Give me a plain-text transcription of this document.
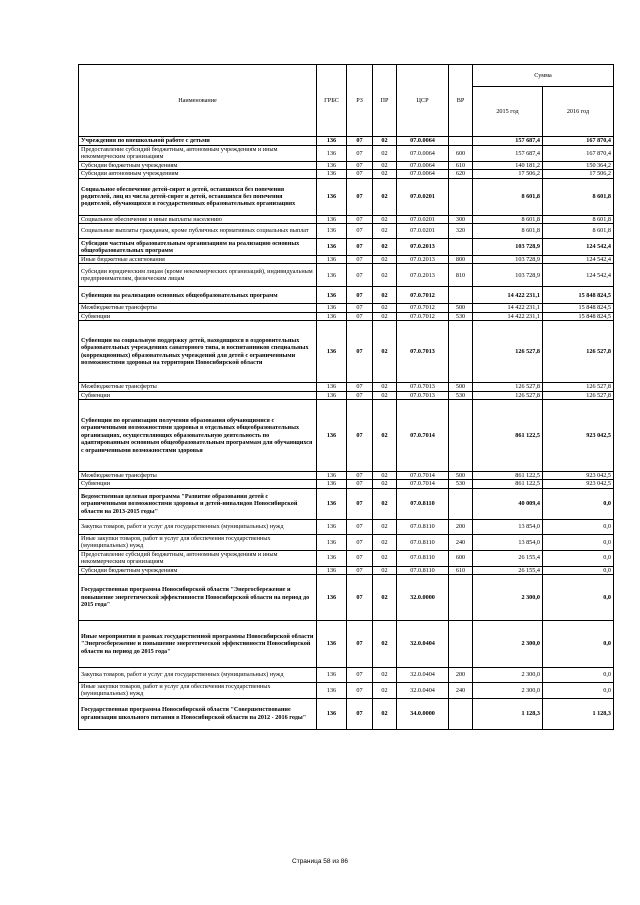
Наименование	ГРБС	РЗ	ПР	ЦСР	ВР	Сумма	
						2015 год	2016 год
Учреждения по внешкольной работе с детьми	136	07	02	07.0.0064		157 687,4	167 870,4
Предоставление субсидий бюджетным, автономным учреждениям и иным некоммерческим организациям	136	07	02	07.0.0064	600	157 687,4	167 870,4
Субсидии бюджетным учреждениям	136	07	02	07.0.0064	610	140 181,2	150 364,2
Субсидии автономным учреждениям	136	07	02	07.0.0064	620	17 506,2	17 506,2
Социальное обеспечение детей-сирот и детей, оставшихся без попечения родителей, лиц из числа детей-сирот и детей, оставшихся без попечения родителей, обучающихся в государственных образовательных организациях	136	07	02	07.0.0201		8 601,8	8 601,8
Социальное обеспечение и иные выплаты населению	136	07	02	07.0.0201	300	8 601,8	8 601,8
Социальные выплаты гражданам, кроме публичных нормативных социальных выплат	136	07	02	07.0.0201	320	8 601,8	8 601,8
Субсидии частным образовательным организациям на реализацию основных общеобразовательных программ	136	07	02	07.0.2013		103 728,9	124 542,4
Иные бюджетные ассигнования	136	07	02	07.0.2013	800	103 728,9	124 542,4
Субсидии юридическим лицам (кроме некоммерческих организаций), индивидуальным предпринимателям, физическим лицам	136	07	02	07.0.2013	810	103 728,9	124 542,4
Субвенции на реализацию основных общеобразовательных программ	136	07	02	07.0.7012		14 422 231,1	15 848 824,5
Межбюджетные трансферты	136	07	02	07.0.7012	500	14 422 231,1	15 848 824,5
Субвенции	136	07	02	07.0.7012	530	14 422 231,1	15 848 824,5
Субвенции на социальную поддержку детей, находящихся в оздоровительных образовательных учреждениях санаторного типа, и воспитанников специальных (коррекционных) образовательных учреждений для детей с ограниченными возможностями здоровья на территории Новосибирской области	136	07	02	07.0.7013		126 527,8	126 527,8
Межбюджетные трансферты	136	07	02	07.0.7013	500	126 527,8	126 527,8
Субвенции	136	07	02	07.0.7013	530	126 527,8	126 527,8
Субвенции по организации получения образования обучающимися с ограниченными возможностями здоровья в отдельных общеобразовательных организациях, осуществляющих образовательную деятельность по адаптированным основным общеобразовательным программам для обучающихся с ограниченными возможностями здоровья	136	07	02	07.0.7014		861 122,5	923 042,5
Межбюджетные трансферты	136	07	02	07.0.7014	500	861 122,5	923 042,5
Субвенции	136	07	02	07.0.7014	530	861 122,5	923 042,5
Ведомственная целевая программа "Развитие образования детей с ограниченными возможностями здоровья и детей-инвалидов Новосибирской области на 2013-2015 годы"	136	07	02	07.0.8110		40 009,4	0,0
Закупка товаров, работ и услуг для государственных (муниципальных) нужд	136	07	02	07.0.8110	200	13 854,0	0,0
Иные закупки товаров, работ и услуг для обеспечения государственных (муниципальных) нужд	136	07	02	07.0.8110	240	13 854,0	0,0
Предоставление субсидий бюджетным, автономным учреждениям и иным некоммерческим организациям	136	07	02	07.0.8110	600	26 155,4	0,0
Субсидии бюджетным учреждениям	136	07	02	07.0.8110	610	26 155,4	0,0
Государственная программа Новосибирской области "Энергосбережение и повышение энергетической эффективности Новосибирской области на период до 2015 года"	136	07	02	32.0.0000		2 300,0	0,0
Иные мероприятия в рамках государственной программы Новосибирской области "Энергосбережение и повышение энергетической эффективности Новосибирской области на период до 2015 года"	136	07	02	32.0.0404		2 300,0	0,0
Закупка товаров, работ и услуг для государственных (муниципальных) нужд	136	07	02	32.0.0404	200	2 300,0	0,0
Иные закупки товаров, работ и услуг для обеспечения государственных (муниципальных) нужд	136	07	02	32.0.0404	240	2 300,0	0,0
Государственная программа Новосибирской области "Совершенствование организации школьного питания в Новосибирской области на 2012 - 2016 годы"	136	07	02	34.0.0000		1 128,3	1 128,3
Страница 58 из 86
